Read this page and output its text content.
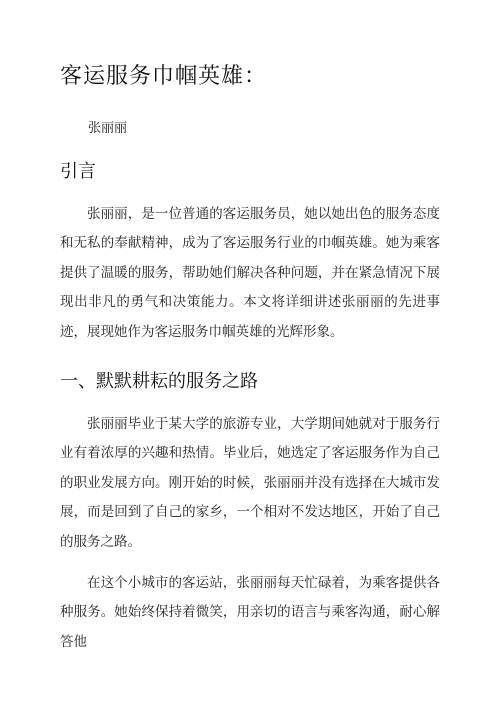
客运服务巾帼英雄：
张丽丽
引言

张丽丽，是一位普通的客运服务员，她以她出色的服务态度和无私的奉献精神，成为了客运服务行业的巾帼英雄。她为乘客提供了温暖的服务，帮助她们解决各种问题，并在紧急情况下展现出非凡的勇气和决策能力。本文将详细讲述张丽丽的先进事迹，展现她作为客运服务巾帼英雄的光辉形象。

一、默默耕耘的服务之路

张丽丽毕业于某大学的旅游专业，大学期间她就对于服务行业有着浓厚的兴趣和热情。毕业后，她选定了客运服务作为自己的职业发展方向。刚开始的时候，张丽丽并没有选择在大城市发展，而是回到了自己的家乡，一个相对不发达地区，开始了自己的服务之路。

在这个小城市的客运站，张丽丽每天忙碌着，为乘客提供各种服务。她始终保持着微笑，用亲切的语言与乘客沟通，耐心解答他
